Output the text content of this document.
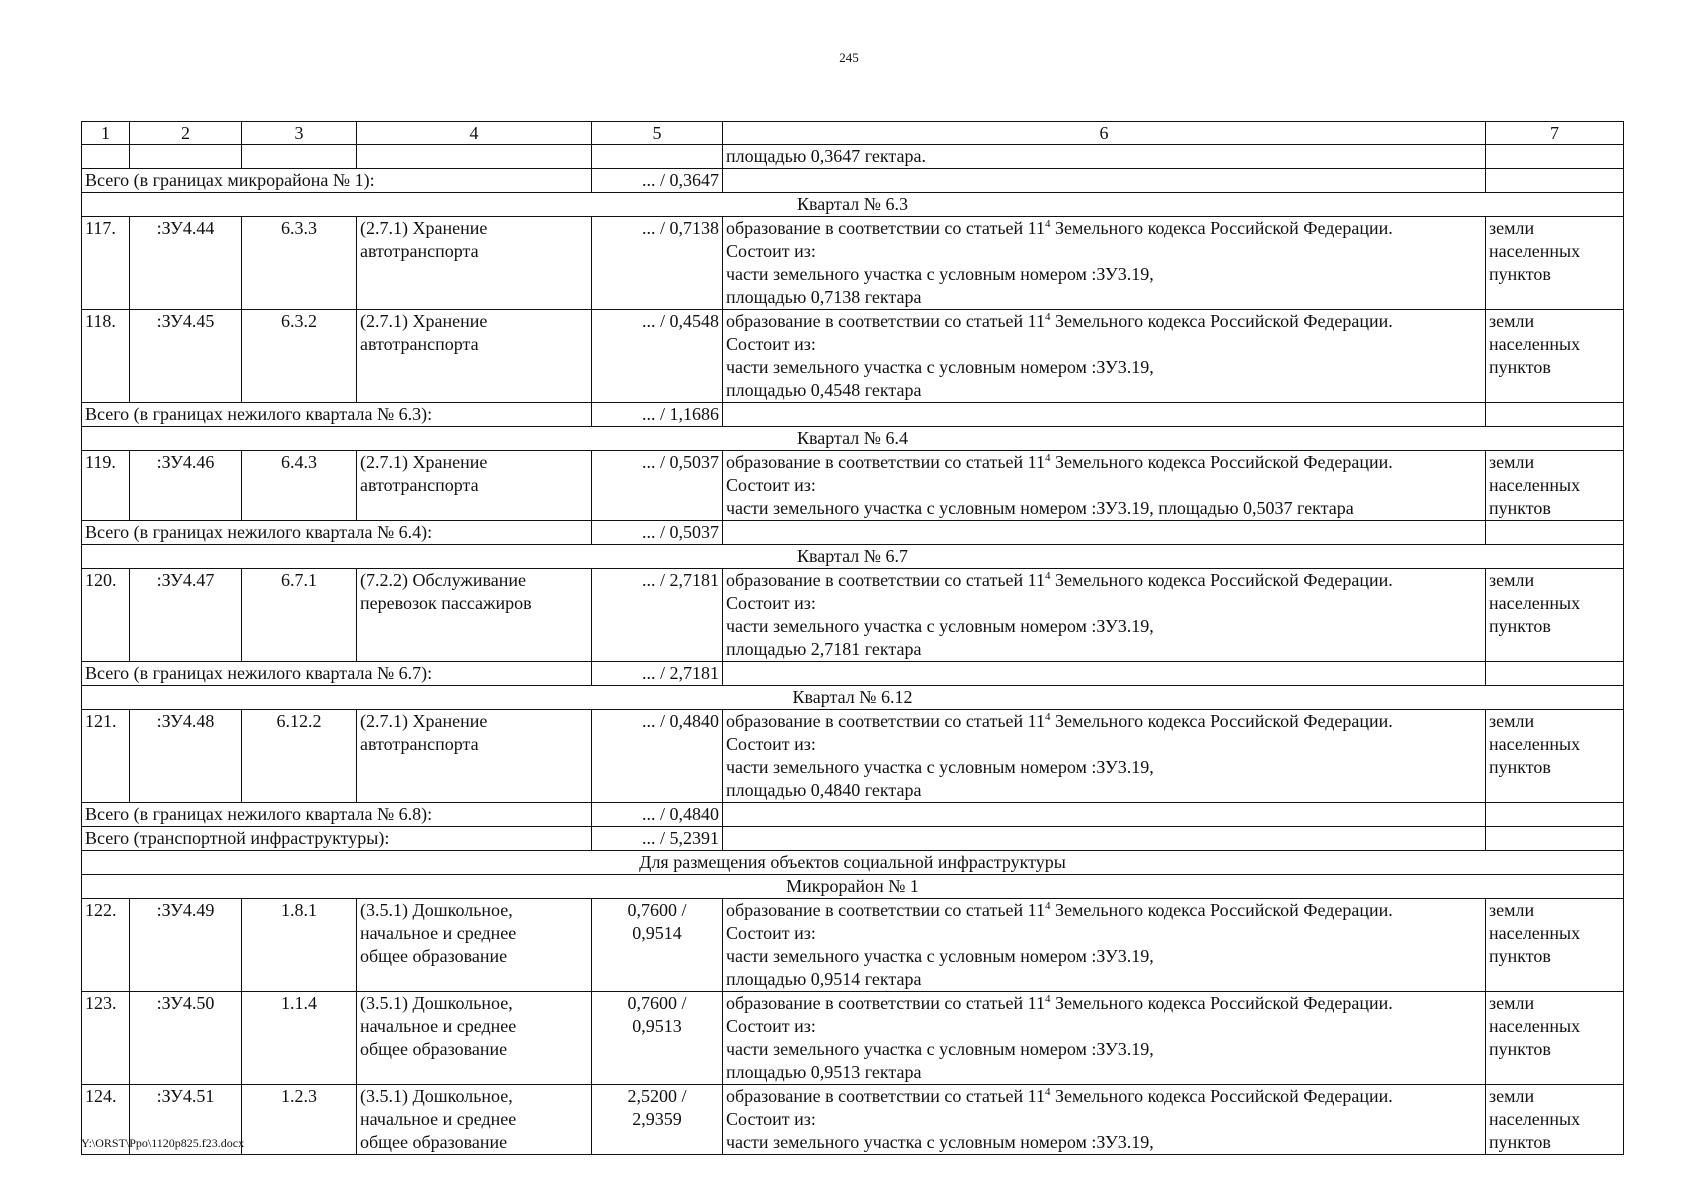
245
1	2	3	4	5	6	7
					площадью 0,3647 гектара.	
Всего (в границах микрорайона № 1):				... / 0,3647		
Квартал № 6.3						
117.	:ЗУ4.44	6.3.3	(2.7.1) Хранение
автотранспорта	... / 0,7138	образование в соответствии со статьей $11^4$ Земельного кодекса Российской Федерации.
Состоит из:
части земельного участка с условным номером :ЗУ3.19,
площадью 0,7138 гектара	земли
населенных
пунктов

118.	:ЗУ4.45	6.3.2	(2.7.1) Хранение
автотранспорта	... / 0,4548	образование в соответствии со статьей $11^4$ Земельного кодекса Российской Федерации.
Состоит из:
части земельного участка с условным номером :ЗУ3.19,
площадью 0,4548 гектара	земли
населенных
пунктов

Всего (в границах нежилого квартала № 6.3):				... / 1,1686		
Квартал № 6.4						
119.	:ЗУ4.46	6.4.3	(2.7.1) Хранение
автотранспорта	... / 0,5037	образование в соответствии со статьей $11^4$ Земельного кодекса Российской Федерации.
Состоит из:
части земельного участка с условным номером :ЗУ3.19, площадью 0,5037 гектара	земли
населенных
пунктов

Всего (в границах нежилого квартала № 6.4):				... / 0,5037		
Квартал № 6.7						
120.	:ЗУ4.47	6.7.1	(7.2.2) Обслуживание
перевозок пассажиров	... / 2,7181	образование в соответствии со статьей $11^4$ Земельного кодекса Российской Федерации.
Состоит из:
части земельного участка с условным номером :ЗУ3.19,
площадью 2,7181 гектара	земли
населенных
пунктов

Всего (в границах нежилого квартала № 6.7):				... / 2,7181		
Квартал № 6.12						
121.	:ЗУ4.48	6.12.2	(2.7.1) Хранение
автотранспорта	... / 0,4840	образование в соответствии со статьей $11^4$ Земельного кодекса Российской Федерации.
Состоит из:
части земельного участка с условным номером :ЗУ3.19,
площадью 0,4840 гектара	земли
населенных
пунктов

Всего (в границах нежилого квартала № 6.8):				... / 0,4840		
Всего (транспортной инфраструктуры):				... / 5,2391		
Для размещения объектов социальной инфраструктуры						
Микрорайон № 1						
122.	:ЗУ4.49	1.8.1	(3.5.1) Дошкольное,
начальное и среднее
общее образование	0,7600 /
0,9514	образование в соответствии со статьей $11^4$ Земельного кодекса Российской Федерации.
Состоит из:
части земельного участка с условным номером :ЗУ3.19,
площадью 0,9514 гектара	земли
населенных
пунктов

123.	:ЗУ4.50	1.1.4	(3.5.1) Дошкольное,
начальное и среднее
общее образование	0,7600 /
0,9513	образование в соответствии со статьей $11^4$ Земельного кодекса Российской Федерации.
Состоит из:
части земельного участка с условным номером :ЗУ3.19,
площадью 0,9513 гектара	земли
населенных
пунктов

124.	:ЗУ4.51	1.2.3	(3.5.1) Дошкольное,
начальное и среднее
общее образование	2,5200 /
2,9359	образование в соответствии со статьей $11^4$ Земельного кодекса Российской Федерации.
Состоит из:
части земельного участка с условным номером :ЗУ3.19,	земли
населенных
пунктов
Y:\ORST\Ppo\1120p825.f23.docx
